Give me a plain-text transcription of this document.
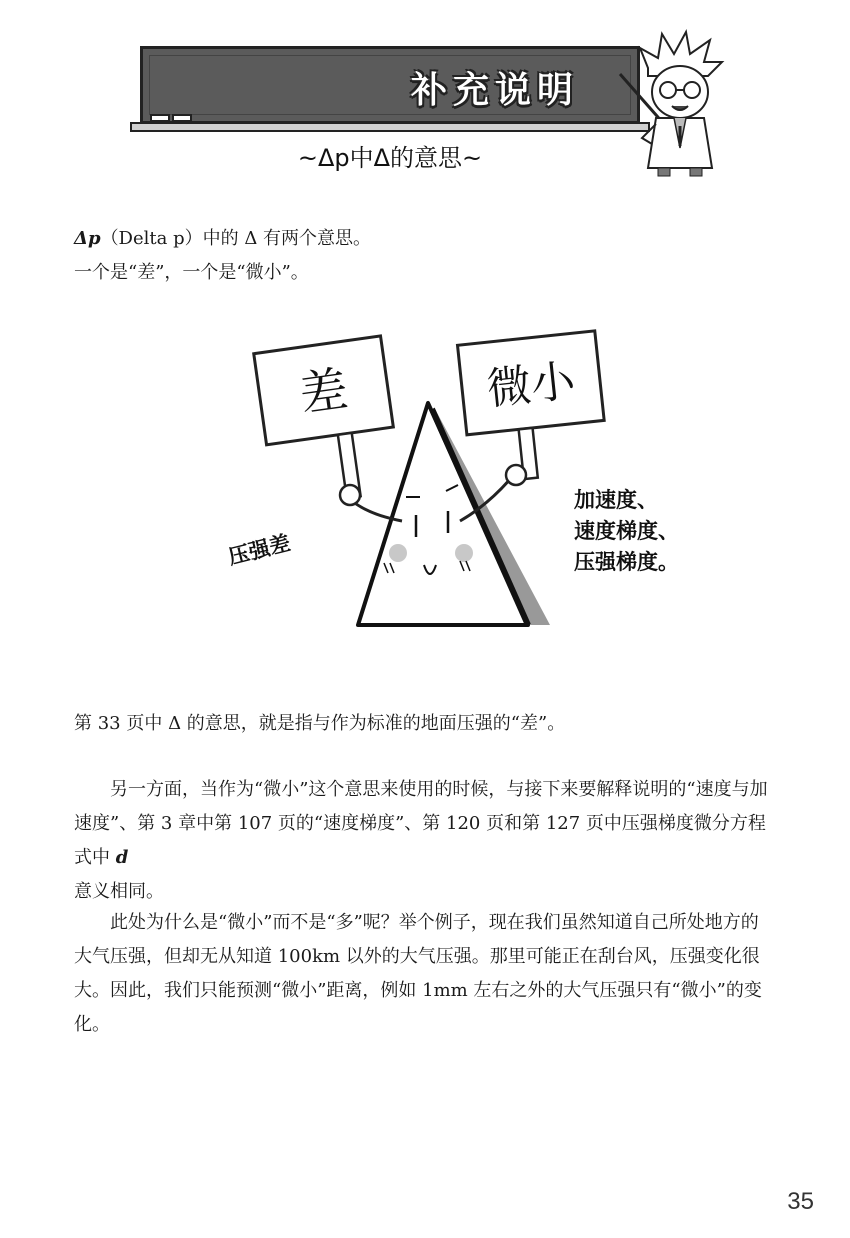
补充说明
~Δp中Δ的意思~

Δp（Delta p）中的 Δ 有两个意思。

一个是“差”，一个是“微小”。

差	微小
压强差
加速度、
速度梯度、
压强梯度。

第 33 页中 Δ 的意思，就是指与作为标准的地面压强的“差”。

另一方面，当作为“微小”这个意思来使用的时候，与接下来要解释说明的“速度与加速度”、第 3 章中第 107 页的“速度梯度”、第 120 页和第 127 页中压强梯度微分方程式中 d
意义相同。

此处为什么是“微小”而不是“多”呢？举个例子，现在我们虽然知道自己所处地方的大气压强，但却无从知道 100km 以外的大气压强。那里可能正在刮台风，压强变化很大。因此，我们只能预测“微小”距离，例如 1mm 左右之外的大气压强只有“微小”的变化。

35
